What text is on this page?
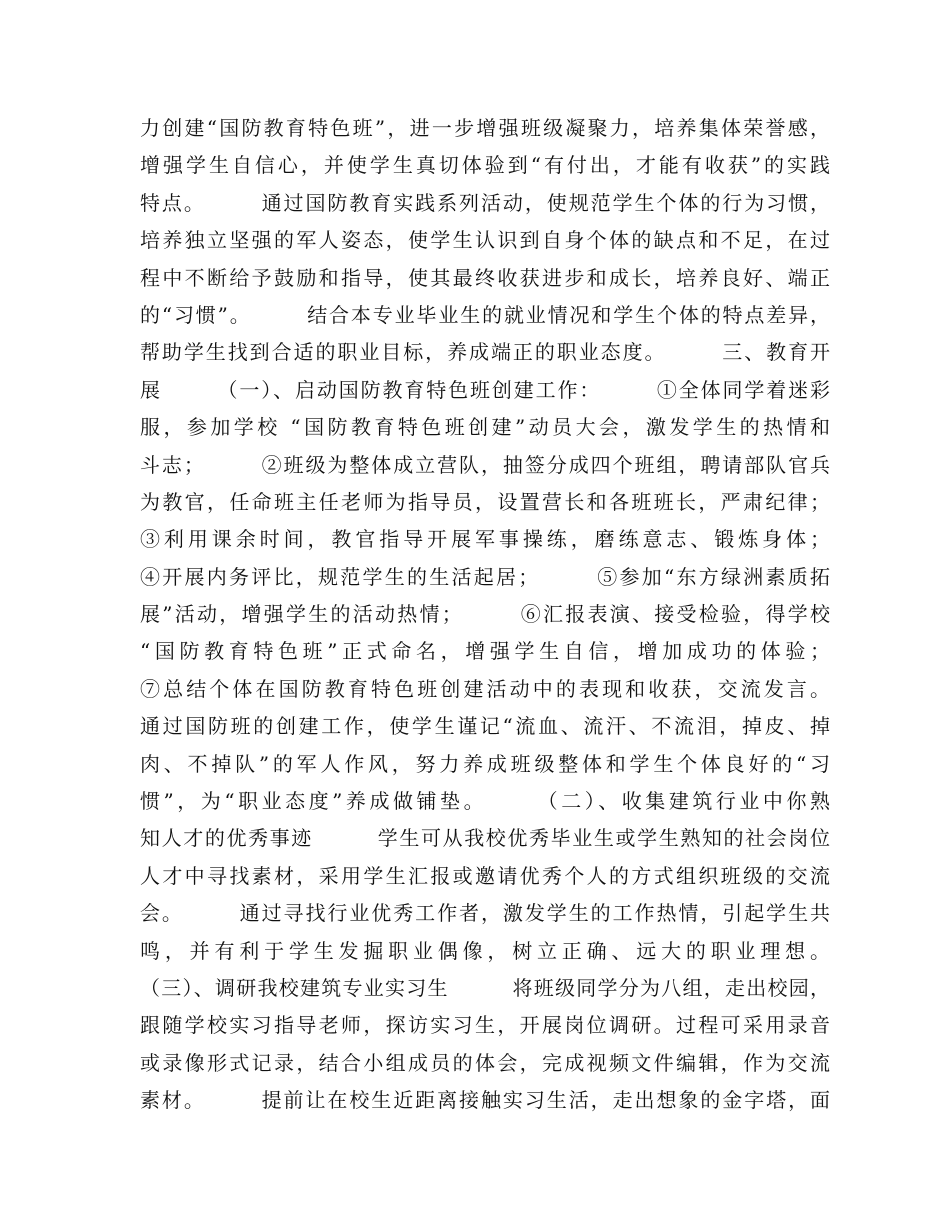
力创建“国防教育特色班”，进一步增强班级凝聚力，培养集体荣誉感，
增强学生自信心，并使学生真切体验到“有付出，才能有收获”的实践
特点。　　　通过国防教育实践系列活动，使规范学生个体的行为习惯，
培养独立坚强的军人姿态，使学生认识到自身个体的缺点和不足，在过
程中不断给予鼓励和指导，使其最终收获进步和成长，培养良好、端正
的“习惯”。　　　结合本专业毕业生的就业情况和学生个体的特点差异，
帮助学生找到合适的职业目标，养成端正的职业态度。　　　三、教育开
展　　　（一）、启动国防教育特色班创建工作：　　　①全体同学着迷彩
服，参加学校 “国防教育特色班创建”动员大会，激发学生的热情和
斗志；　　　②班级为整体成立营队，抽签分成四个班组，聘请部队官兵
为教官，任命班主任老师为指导员，设置营长和各班班长，严肃纪律；
③利用课余时间，教官指导开展军事操练，磨练意志、锻炼身体；
④开展内务评比，规范学生的生活起居；　　　⑤参加“东方绿洲素质拓
展”活动，增强学生的活动热情；　　　⑥汇报表演、接受检验，得学校
“国防教育特色班”正式命名，增强学生自信，增加成功的体验；
⑦总结个体在国防教育特色班创建活动中的表现和收获，交流发言。
通过国防班的创建工作，使学生谨记“流血、流汗、不流泪，掉皮、掉
肉、不掉队”的军人作风，努力养成班级整体和学生个体良好的“习
惯”，为“职业态度”养成做铺垫。　　　（二）、收集建筑行业中你熟
知人才的优秀事迹　　　学生可从我校优秀毕业生或学生熟知的社会岗位
人才中寻找素材，采用学生汇报或邀请优秀个人的方式组织班级的交流
会。　　　通过寻找行业优秀工作者，激发学生的工作热情，引起学生共
鸣，并有利于学生发掘职业偶像，树立正确、远大的职业理想。
（三）、调研我校建筑专业实习生　　　将班级同学分为八组，走出校园，
跟随学校实习指导老师，探访实习生，开展岗位调研。过程可采用录音
或录像形式记录，结合小组成员的体会，完成视频文件编辑，作为交流
素材。　　　提前让在校生近距离接触实习生活，走出想象的金字塔，面
